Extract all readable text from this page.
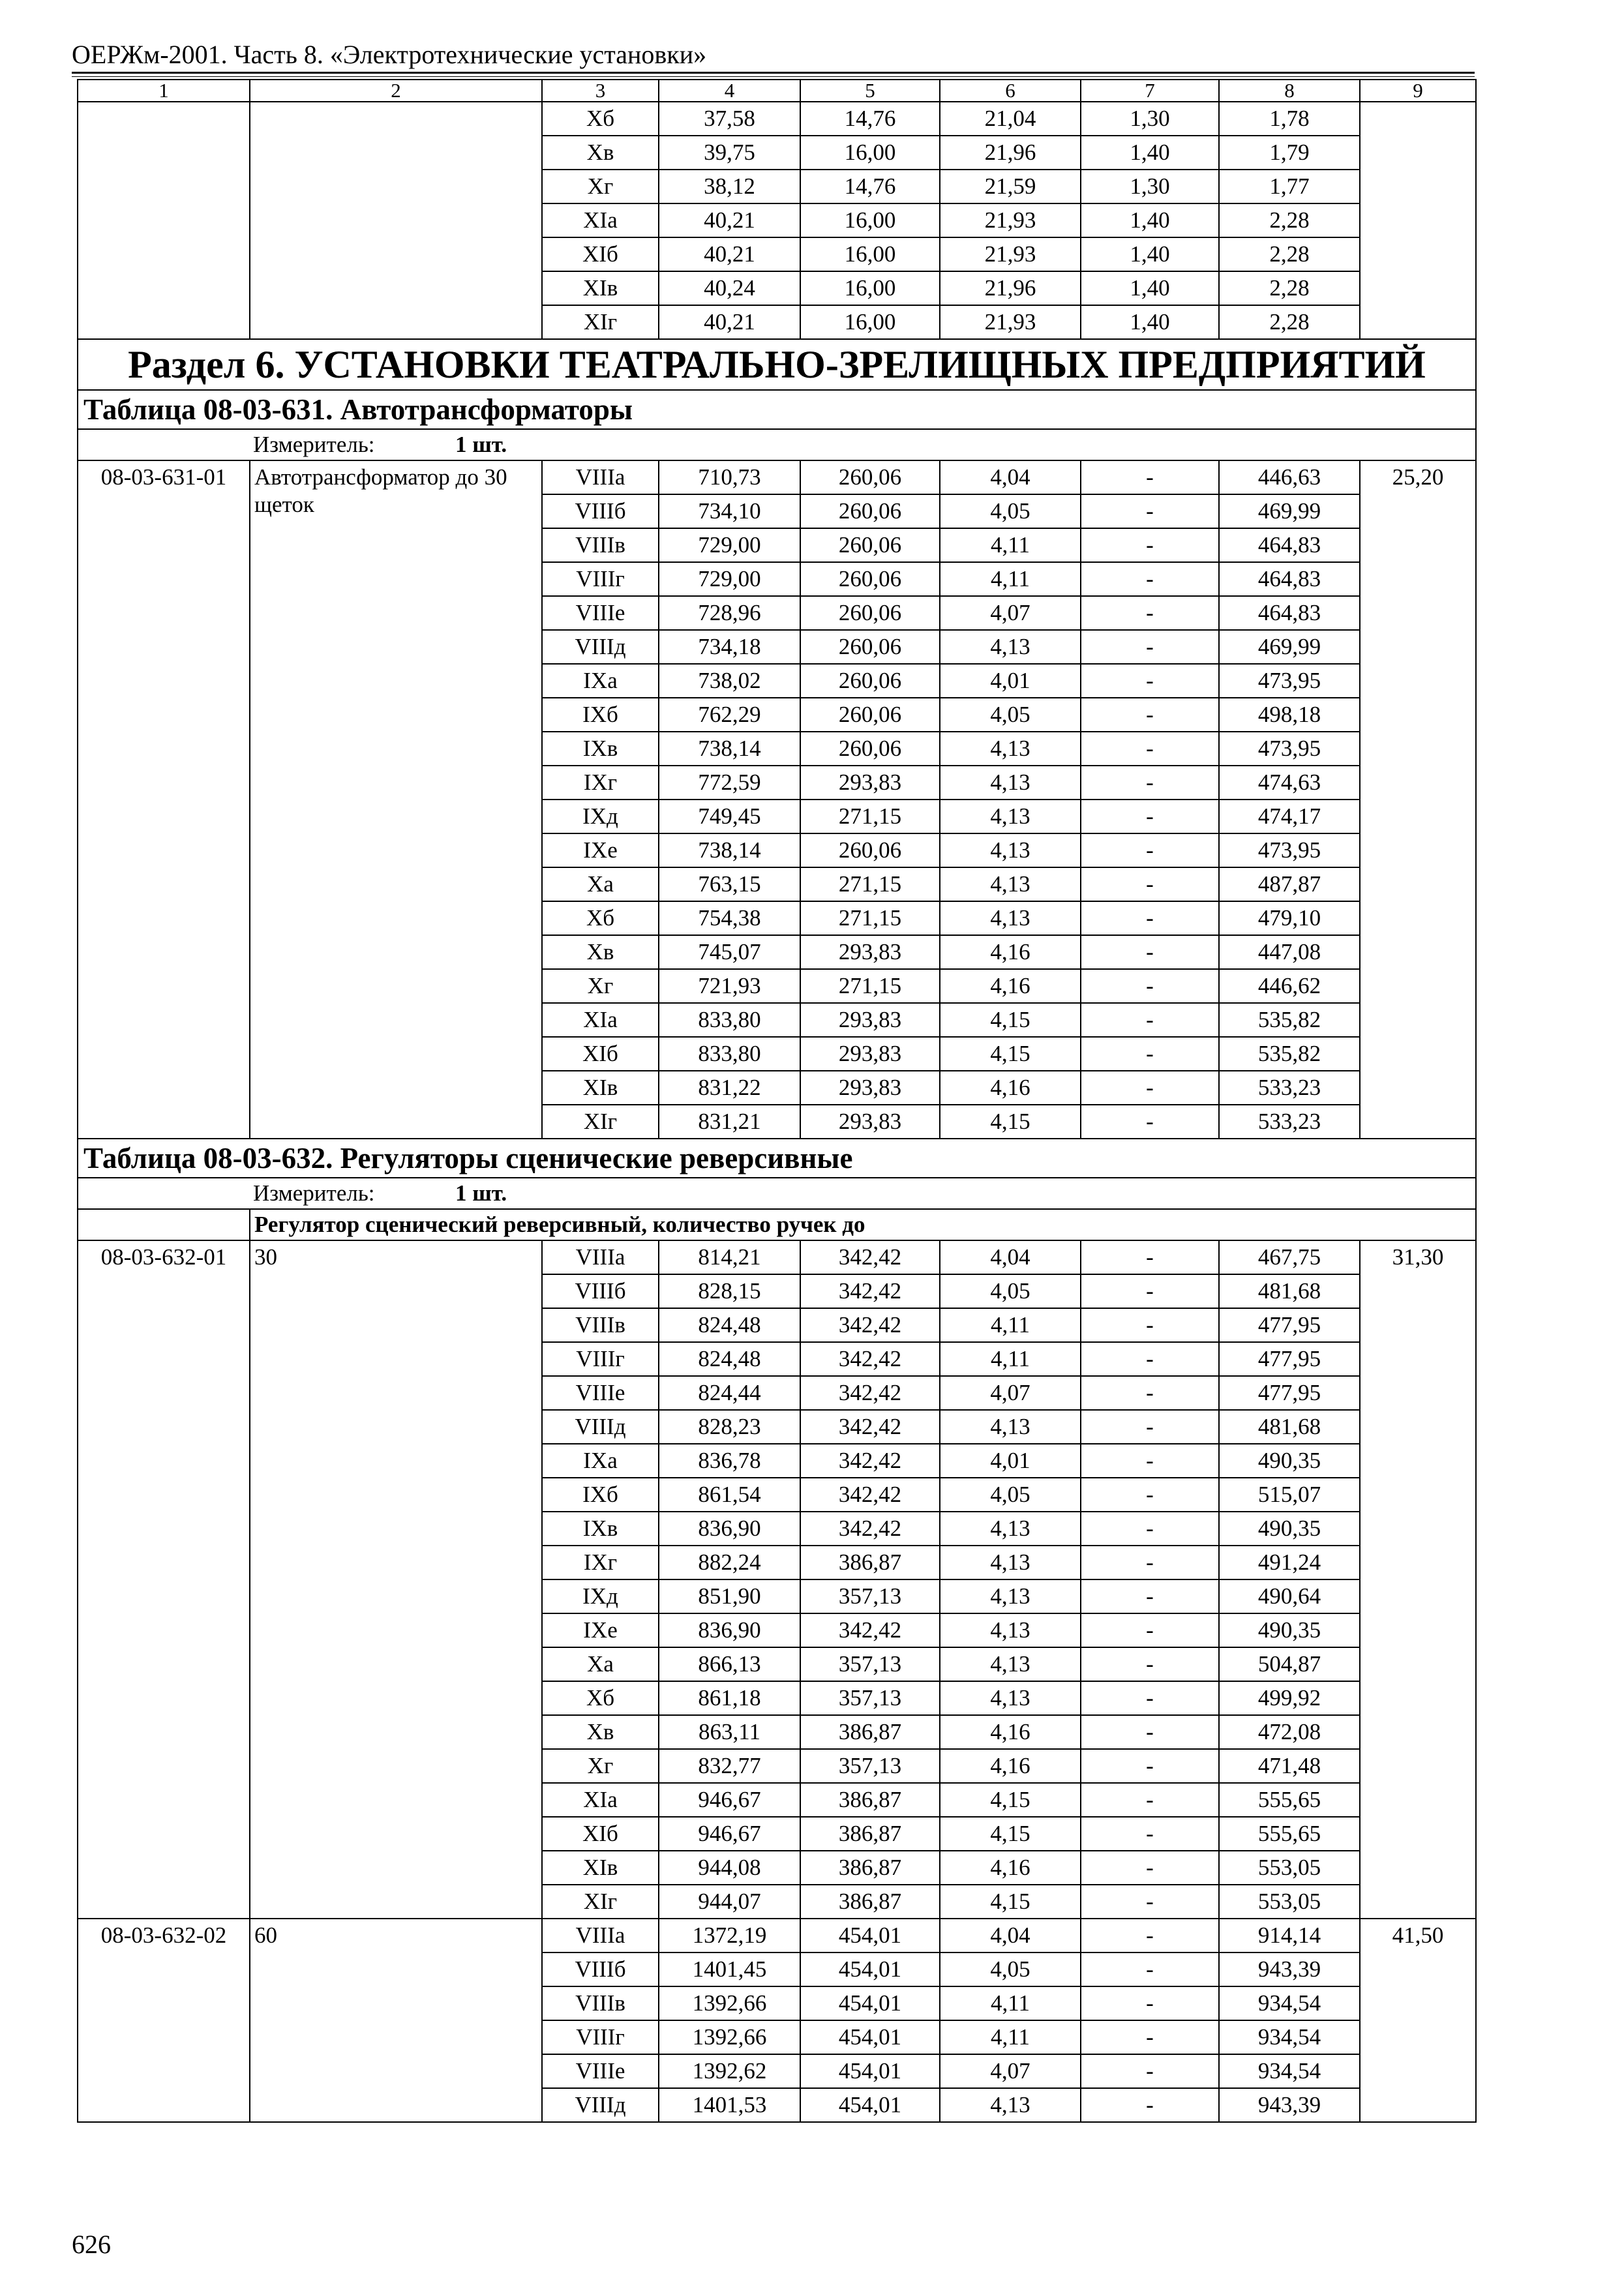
ОЕРЖм-2001. Часть 8. «Электротехнические установки»
1	2	3	4	5	6	7	8	9
		Xб	37,58	14,76	21,04	1,30	1,78	
		Xв	39,75	16,00	21,96	1,40	1,79	
		Xг	38,12	14,76	21,59	1,30	1,77	
		XIа	40,21	16,00	21,93	1,40	2,28	
		XIб	40,21	16,00	21,93	1,40	2,28	
		XIв	40,24	16,00	21,96	1,40	2,28	
		XIг	40,21	16,00	21,93	1,40	2,28	
Раздел 6. УСТАНОВКИ ТЕАТРАЛЬНО-ЗРЕЛИЩНЫХ ПРЕДПРИЯТИЙ								
Таблица 08-03-631. Автотрансформаторы								
Измеритель: 1 шт.								
08-03-631-01	Автотрансформатор до 30 щеток	VIIIа	710,73	260,06	4,04	-	446,63	25,20
		VIIIб	734,10	260,06	4,05	-	469,99	
		VIIIв	729,00	260,06	4,11	-	464,83	
		VIIIг	729,00	260,06	4,11	-	464,83	
		VIIIе	728,96	260,06	4,07	-	464,83	
		VIIIд	734,18	260,06	4,13	-	469,99	
		IXа	738,02	260,06	4,01	-	473,95	
		IXб	762,29	260,06	4,05	-	498,18	
		IXв	738,14	260,06	4,13	-	473,95	
		IXг	772,59	293,83	4,13	-	474,63	
		IXд	749,45	271,15	4,13	-	474,17	
		IXе	738,14	260,06	4,13	-	473,95	
		Xа	763,15	271,15	4,13	-	487,87	
		Xб	754,38	271,15	4,13	-	479,10	
		Xв	745,07	293,83	4,16	-	447,08	
		Xг	721,93	271,15	4,16	-	446,62	
		XIа	833,80	293,83	4,15	-	535,82	
		XIб	833,80	293,83	4,15	-	535,82	
		XIв	831,22	293,83	4,16	-	533,23	
		XIг	831,21	293,83	4,15	-	533,23	
Таблица 08-03-632. Регуляторы сценические реверсивные								
Измеритель: 1 шт.								
	Регулятор сценический реверсивный, количество ручек до							
08-03-632-01	30	VIIIа	814,21	342,42	4,04	-	467,75	31,30
		VIIIб	828,15	342,42	4,05	-	481,68	
		VIIIв	824,48	342,42	4,11	-	477,95	
		VIIIг	824,48	342,42	4,11	-	477,95	
		VIIIе	824,44	342,42	4,07	-	477,95	
		VIIIд	828,23	342,42	4,13	-	481,68	
		IXа	836,78	342,42	4,01	-	490,35	
		IXб	861,54	342,42	4,05	-	515,07	
		IXв	836,90	342,42	4,13	-	490,35	
		IXг	882,24	386,87	4,13	-	491,24	
		IXд	851,90	357,13	4,13	-	490,64	
		IXе	836,90	342,42	4,13	-	490,35	
		Xа	866,13	357,13	4,13	-	504,87	
		Xб	861,18	357,13	4,13	-	499,92	
		Xв	863,11	386,87	4,16	-	472,08	
		Xг	832,77	357,13	4,16	-	471,48	
		XIа	946,67	386,87	4,15	-	555,65	
		XIб	946,67	386,87	4,15	-	555,65	
		XIв	944,08	386,87	4,16	-	553,05	
		XIг	944,07	386,87	4,15	-	553,05	
08-03-632-02	60	VIIIа	1372,19	454,01	4,04	-	914,14	41,50
		VIIIб	1401,45	454,01	4,05	-	943,39	
		VIIIв	1392,66	454,01	4,11	-	934,54	
		VIIIг	1392,66	454,01	4,11	-	934,54	
		VIIIе	1392,62	454,01	4,07	-	934,54	
		VIIIд	1401,53	454,01	4,13	-	943,39	
626
